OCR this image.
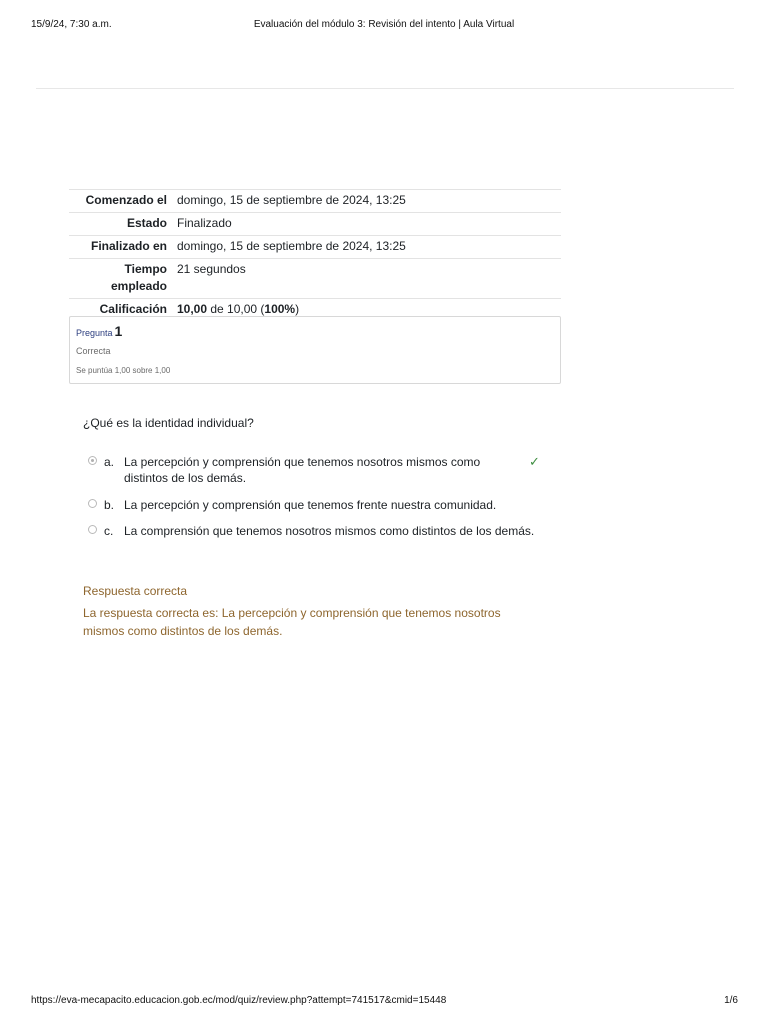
15/9/24, 7:30 a.m.	Evaluación del módulo 3: Revisión del intento | Aula Virtual
Comenzado el domingo, 15 de septiembre de 2024, 13:25
Estado Finalizado
Finalizado en domingo, 15 de septiembre de 2024, 13:25
Tiempo empleado
21 segundos
Calificación 10,00 de 10,00 (100%)
Pregunta 1
Correcta
Se puntúa 1,00 sobre 1,00
¿Qué es la identidad individual?
a. La percepción y comprensión que tenemos nosotros mismos como distintos de los demás.
✓
b. La percepción y comprensión que tenemos frente nuestra comunidad.
c. La comprensión que tenemos nosotros mismos como distintos de los demás.
Respuesta correcta
La respuesta correcta es: La percepción y comprensión que tenemos nosotros mismos como distintos de los demás.
https://eva-mecapacito.educacion.gob.ec/mod/quiz/review.php?attempt=741517&cmid=15448	1/6
